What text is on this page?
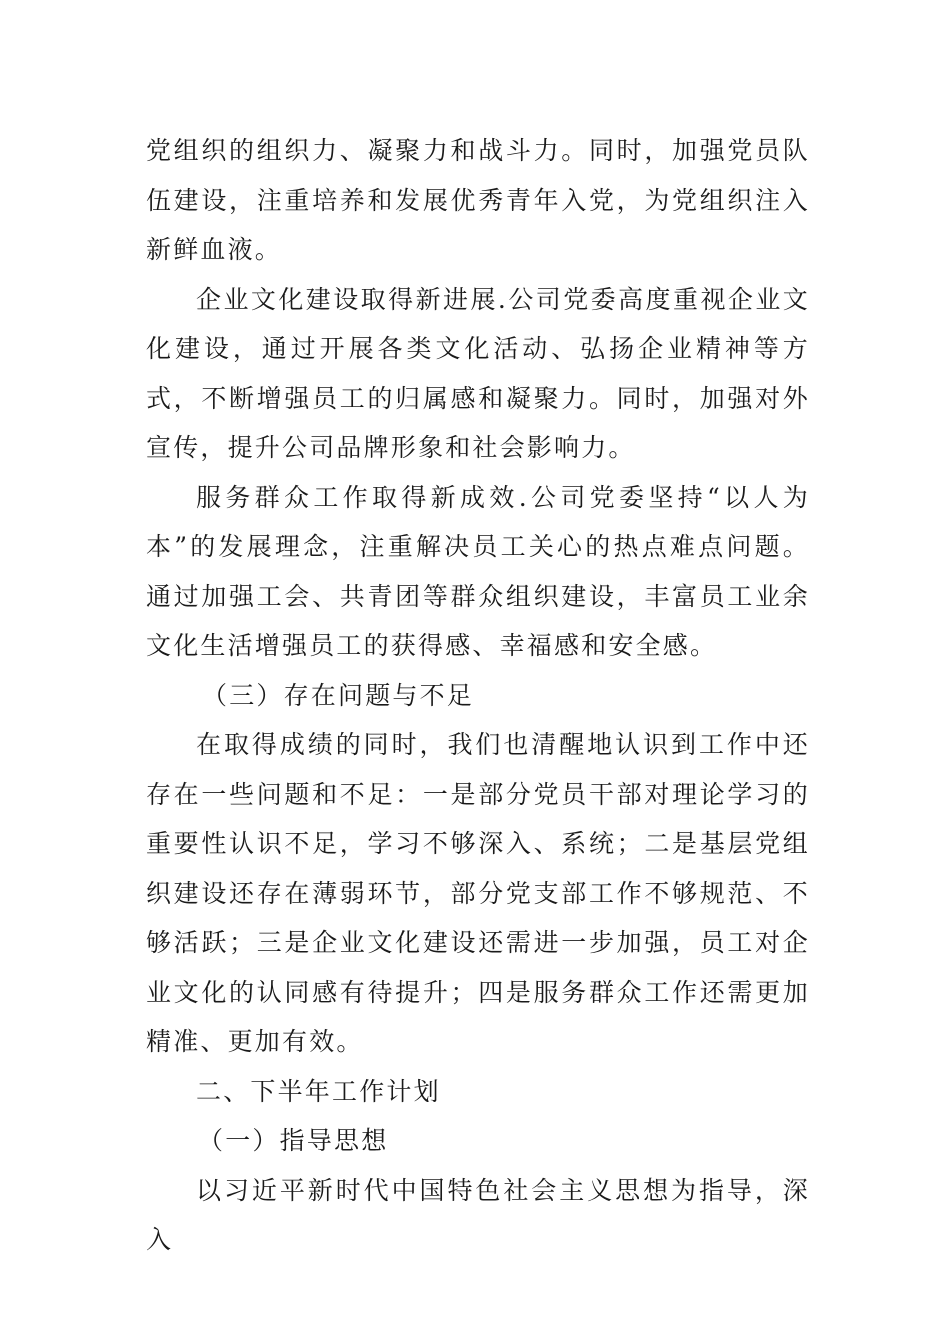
党组织的组织力、凝聚力和战斗力。同时，加强党员队伍建设，注重培养和发展优秀青年入党，为党组织注入新鲜血液。

企业文化建设取得新进展.公司党委高度重视企业文化建设，通过开展各类文化活动、弘扬企业精神等方式，不断增强员工的归属感和凝聚力。同时，加强对外宣传，提升公司品牌形象和社会影响力。

服务群众工作取得新成效.公司党委坚持“以人为本”的发展理念，注重解决员工关心的热点难点问题。通过加强工会、共青团等群众组织建设，丰富员工业余文化生活增强员工的获得感、幸福感和安全感。

（三）存在问题与不足

在取得成绩的同时，我们也清醒地认识到工作中还存在一些问题和不足：一是部分党员干部对理论学习的重要性认识不足，学习不够深入、系统；二是基层党组织建设还存在薄弱环节，部分党支部工作不够规范、不够活跃；三是企业文化建设还需进一步加强，员工对企业文化的认同感有待提升；四是服务群众工作还需更加精准、更加有效。

二、下半年工作计划

（一）指导思想

以习近平新时代中国特色社会主义思想为指导，深入
